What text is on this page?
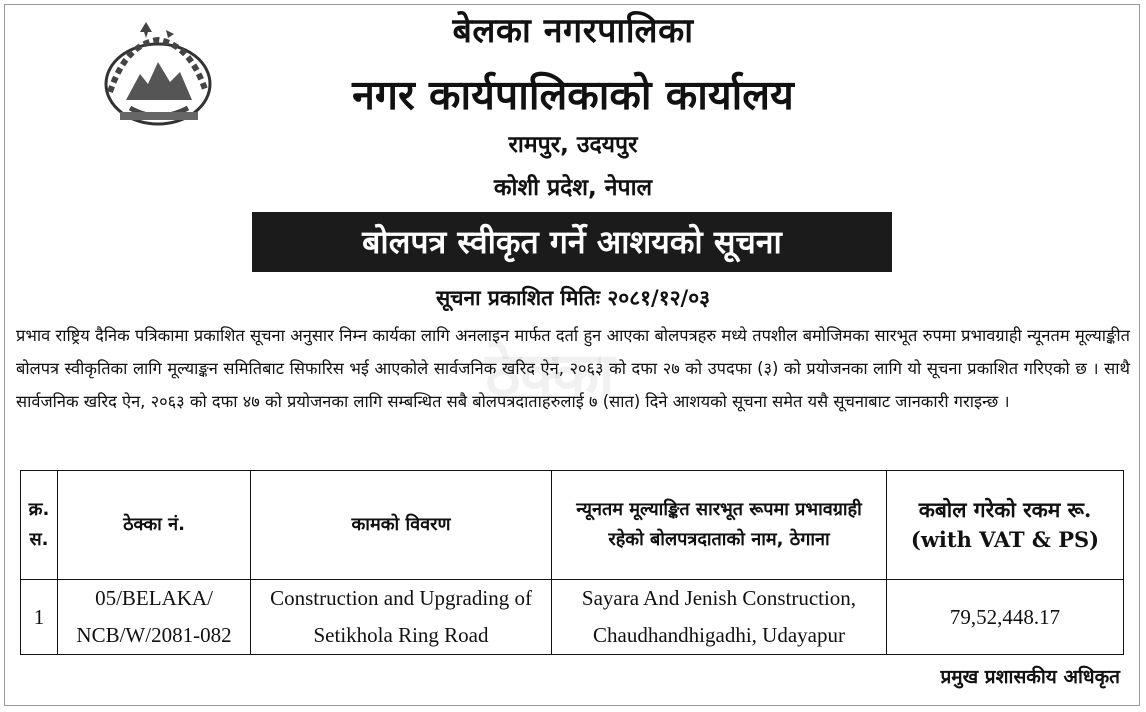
बेलका नगरपालिका
नगर कार्यपालिकाको कार्यालय
रामपुर, उदयपुर
कोशी प्रदेश, नेपाल
बोलपत्र स्वीकृत गर्ने आशयको सूचना
सूचना प्रकाशित मितिः २०८१/१२/०३
ठेक्का
प्रभाव राष्ट्रिय दैनिक पत्रिकामा प्रकाशित सूचना अनुसार निम्न कार्यका लागि अनलाइन मार्फत दर्ता हुन आएका बोलपत्रहरु मध्ये तपशील बमोजिमका सारभूत रुपमा प्रभावग्राही न्यूनतम मूल्याङ्कीत बोलपत्र स्वीकृतिका लागि मूल्याङ्कन समितिबाट सिफारिस भई आएकोले सार्वजनिक खरिद ऐन, २०६३ को दफा २७ को उपदफा (३) को प्रयोजनका लागि यो सूचना प्रकाशित गरिएको छ । साथै सार्वजनिक खरिद ऐन, २०६३ को दफा ४७ को प्रयोजनका लागि सम्बन्धित सबै बोलपत्रदाताहरुलाई ७ (सात) दिने आशयको सूचना समेत यसै सूचनाबाट जानकारी गराइन्छ ।
क्र. स.	ठेक्का नं.	कामको विवरण	न्यूनतम मूल्याङ्कित सारभूत रूपमा प्रभावग्राही रहेको बोलपत्रदाताको नाम, ठेगाना	कबोल गरेको रकम रू. (with VAT & PS)
1	05/BELAKA/ NCB/W/2081-082	Construction and Upgrading of Setikhola Ring Road	Sayara And Jenish Construction, Chaudhandhigadhi, Udayapur	79,52,448.17
प्रमुख प्रशासकीय अधिकृत
